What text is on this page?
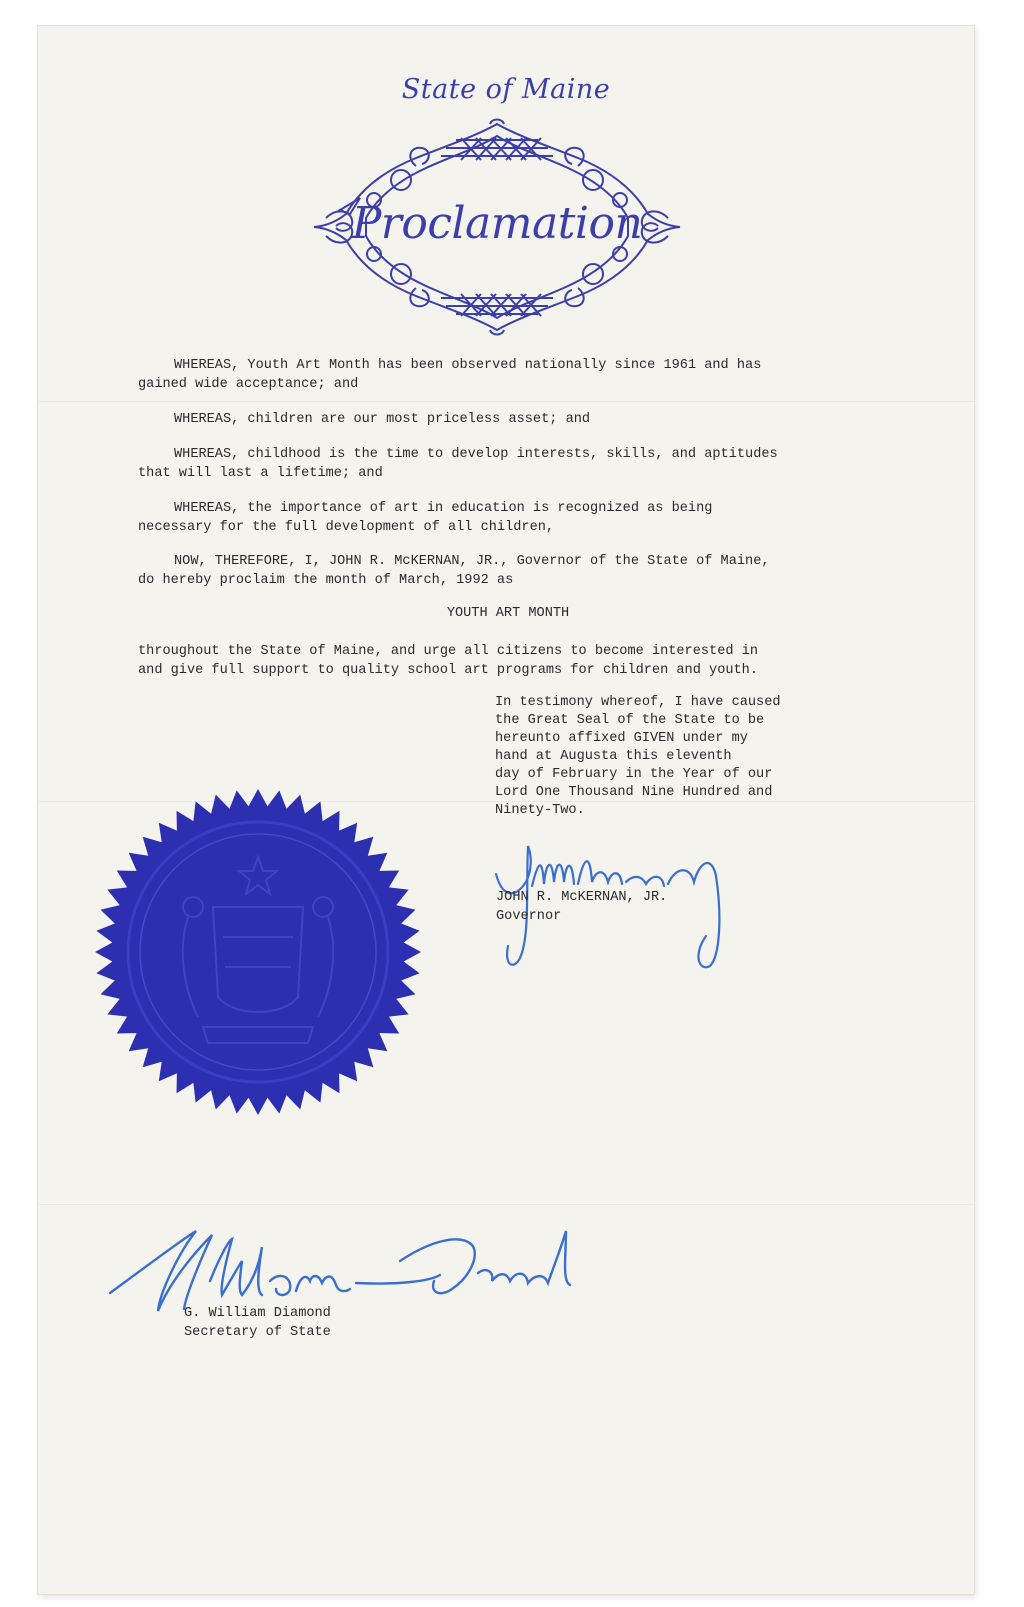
State of Maine
Proclamation
WHEREAS, Youth Art Month has been observed nationally since 1961 and has
gained wide acceptance; and
WHEREAS, children are our most priceless asset; and
WHEREAS, childhood is the time to develop interests, skills, and aptitudes
that will last a lifetime; and
WHEREAS, the importance of art in education is recognized as being
necessary for the full development of all children,
NOW, THEREFORE, I, JOHN R. McKERNAN, JR., Governor of the State of Maine,
do hereby proclaim the month of March, 1992 as
YOUTH ART MONTH
throughout the State of Maine, and urge all citizens to become interested in
and give full support to quality school art programs for children and youth.
In testimony whereof, I have caused
the Great Seal of the State to be
hereunto affixed GIVEN under my
hand at Augusta this eleventh
day of February in the Year of our
Lord One Thousand Nine Hundred and
Ninety-Two.
JOHN R. McKERNAN, JR.
Governor
G. William Diamond
Secretary of State
